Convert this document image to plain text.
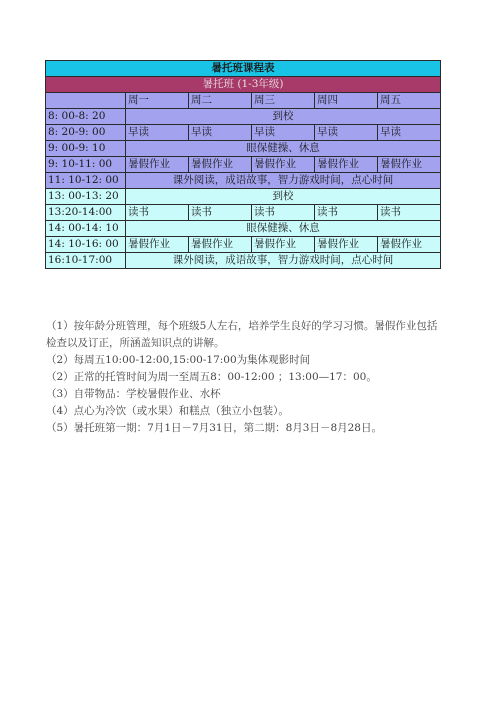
暑托班课程表					
暑托班 (1-3年级)					
	周一	周二	周三	周四	周五
8: 00-8: 20	到校				
8: 20-9: 00	早读	早读	早读	早读	早读
9: 00-9: 10	眼保健操、休息				
9: 10-11: 00	暑假作业	暑假作业	暑假作业	暑假作业	暑假作业
11: 10-12: 00	课外阅读，成语故事，智力游戏时间，点心时间				
13: 00-13: 20	到校				
13:20-14:00	读书	读书	读书	读书	读书
14: 00-14: 10	眼保健操、休息				
14: 10-16: 00	暑假作业	暑假作业	暑假作业	暑假作业	暑假作业
16:10-17:00	课外阅读，成语故事，智力游戏时间，点心时间				

（1）按年龄分班管理，每个班级5人左右，培养学生良好的学习习惯。暑假作业包括检查以及订正，所涵盖知识点的讲解。

（2）每周五10:00-12:00,15:00-17:00为集体观影时间

（2）正常的托管时间为周一至周五8：00-12:00 ；13:00—17：00。

（3）自带物品：学校暑假作业、水杯

（4）点心为冷饮（或水果）和糕点（独立小包装）。

（5）暑托班第一期：7月1日－7月31日，第二期：8月3日－8月28日。
